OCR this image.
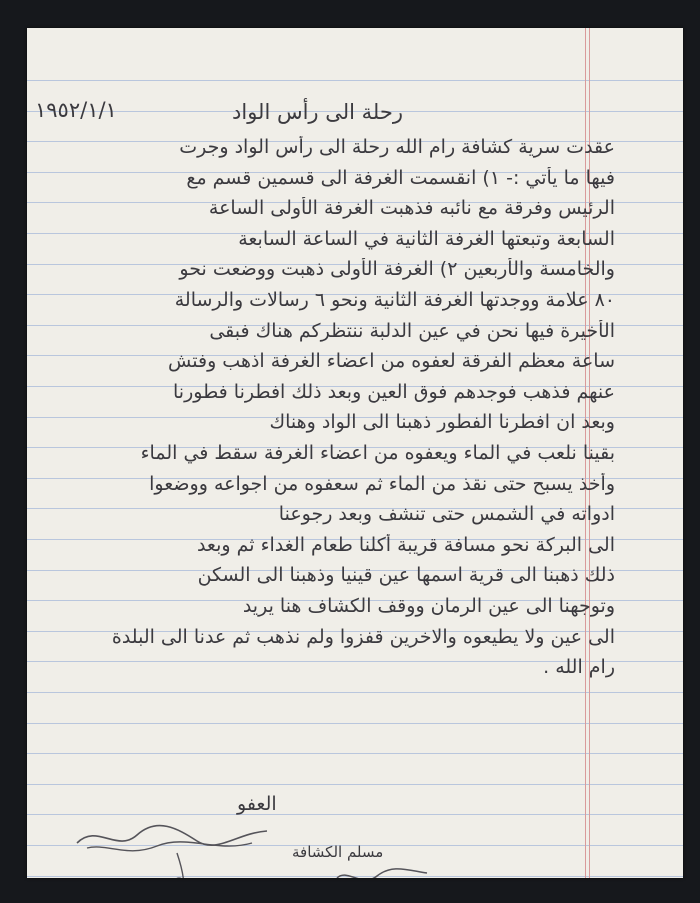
رحلة الى رأس الواد
١٩٥٢/١/١
عقدت سرية كشافة رام الله رحلة الى رأس الواد وجرت
فيها ما يأتي :- ١) انقسمت الغرفة الى قسمين قسم مع
الرئيس وفرقة مع نائبه فذهبت الغرفة الأولى الساعة
السابعة وتبعتها الغرفة الثانية في الساعة السابعة
والخامسة والأربعين ٢) الغرفة الأولى ذهبت ووضعت نحو
٨٠ علامة ووجدتها الغرفة الثانية ونحو ٦ رسالات والرسالة
الأخيرة فيها نحن في عين الدلبة ننتظركم هناك فبقى
ساعة معظم الفرقة لعفوه من اعضاء الغرفة اذهب وفتش
عنهم فذهب فوجدهم فوق العين وبعد ذلك افطرنا فطورنا
وبعد ان افطرنا الفطور ذهبنا الى الواد وهناك
بقينا نلعب في الماء ويعفوه من اعضاء الغرفة سقط في الماء
وأخذ يسبح حتى نقذ من الماء ثم سعفوه من اجواعه ووضعوا
ادواته في الشمس حتى تنشف وبعد رجوعنا
الى البركة نحو مسافة قريبة أكلنا طعام الغداء ثم وبعد
ذلك ذهبنا الى قرية اسمها عين قينيا وذهبنا الى السكن
وتوجهنا الى عين الرمان ووقف الكشاف هنا يريد
الى عين ولا يطيعوه والاخرين قفزوا ولم نذهب ثم عدنا الى البلدة
رام الله .
العفو
مسلم الكشافة
